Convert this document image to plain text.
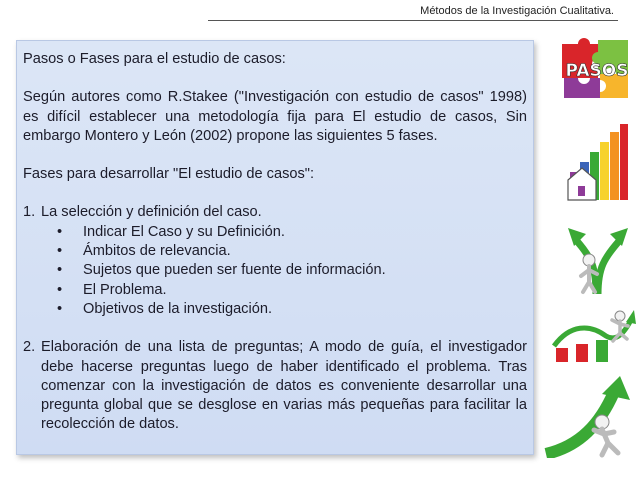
Métodos de la Investigación Cualitativa.

Pasos o Fases para el estudio de casos:

Según autores como R.Stakee ("Investigación con estudio de casos" 1998) es difícil establecer una metodología fija para El estudio de casos, Sin embargo Montero y León (2002) propone las siguientes 5 fases.

Fases para desarrollar "El estudio de casos":

1. La selección y definición del caso.
•	Indicar El Caso y su Definición.
•	Ámbitos de relevancia.
•	Sujetos que pueden ser fuente de información.
•	El Problema.
•	Objetivos de la investigación.
2. Elaboración de una lista de preguntas; A modo de guía, el investigador debe hacerse preguntas luego de haber identificado el problema. Tras comenzar con la investigación de datos es conveniente desarrollar una pregunta global que se desglose en varias más pequeñas para facilitar la recolección de datos.
PASOS
